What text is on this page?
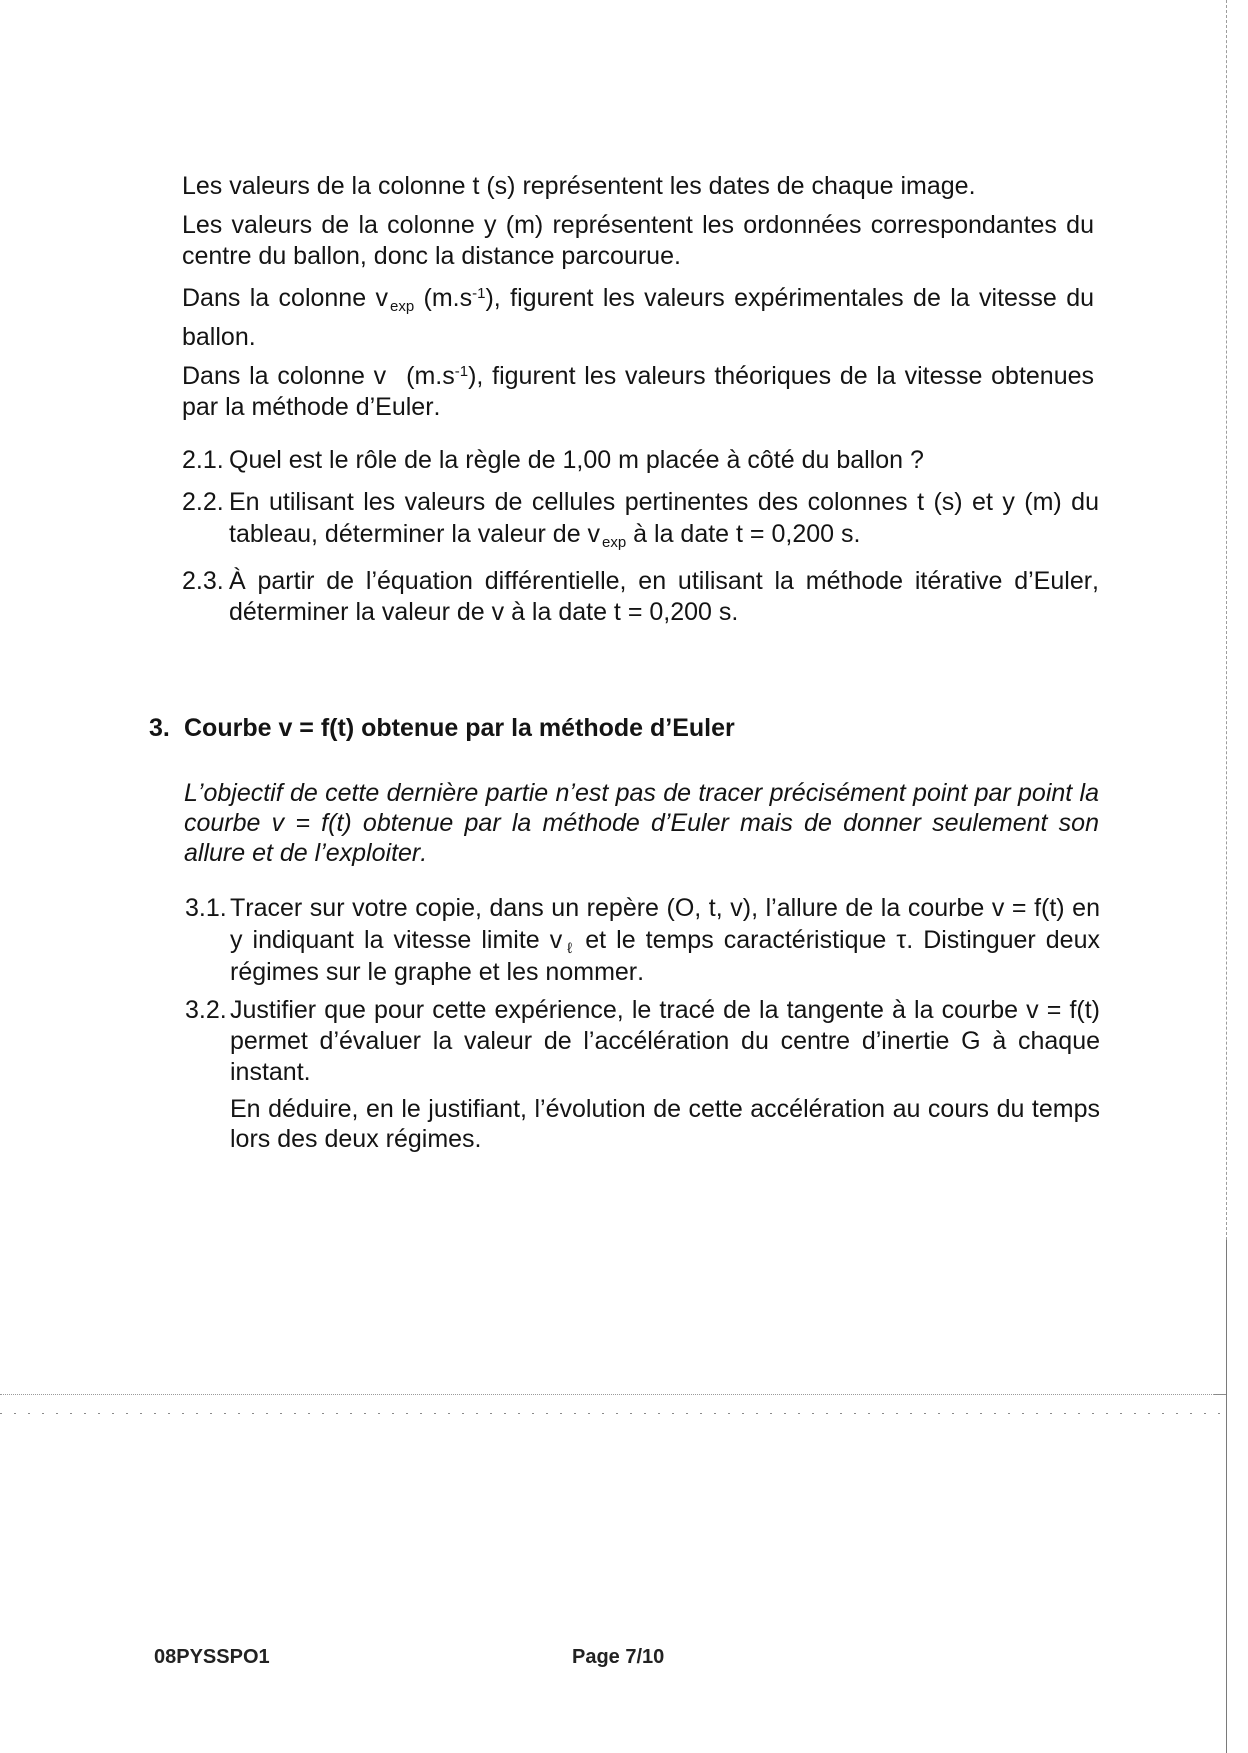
Les valeurs de la colonne t (s) représentent les dates de chaque image.

Les valeurs de la colonne y (m) représentent les ordonnées correspondantes du centre du ballon, donc la distance parcourue.

Dans la colonne v $\exp (m.s^{-1})$, figurent les valeurs expérimentales de la vitesse du ballon.

Dans la colonne v $(m.s^{-1})$, figurent les valeurs théoriques de la vitesse obtenues par la méthode d’Euler.

2.1. Quel est le rôle de la règle de 1,00 m placée à côté du ballon ?
2.2. En utilisant les valeurs de cellules pertinentes des colonnes t (s) et y (m) du tableau, déterminer la valeur de v exp à la date t = 0,200 s.
2.3. À partir de l’équation différentielle, en utilisant la méthode itérative d’Euler, déterminer la valeur de v à la date t = 0,200 s.
3. Courbe v = f(t) obtenue par la méthode d’Euler

L’objectif de cette dernière partie n’est pas de tracer précisément point par point la courbe v = f(t) obtenue par la méthode d’Euler mais de donner seulement son allure et de l’exploiter.

3.1. Tracer sur votre copie, dans un repère (O, t, v), l’allure de la courbe v = f(t) en y indiquant la vitesse limite v ℓ et le temps caractéristique τ. Distinguer deux régimes sur le graphe et les nommer.
3.2. Justifier que pour cette expérience, le tracé de la tangente à la courbe v = f(t) permet d’évaluer la valeur de l’accélération du centre d’inertie G à chaque instant.

En déduire, en le justifiant, l’évolution de cette accélération au cours du temps lors des deux régimes.

08PYSSPO1	Page 7/10
